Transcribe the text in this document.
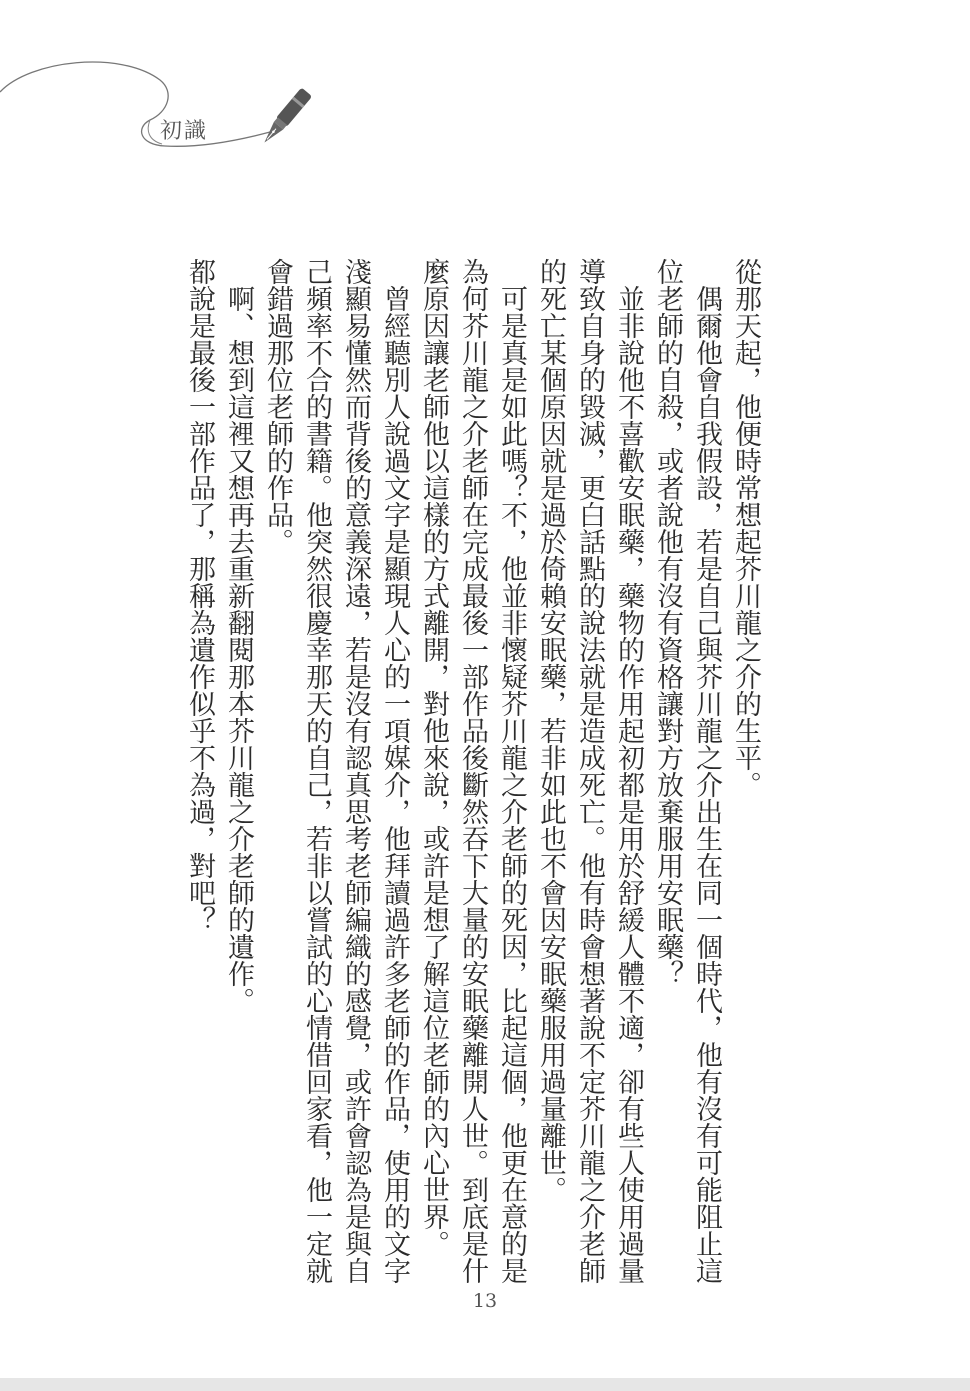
初識

從那天起，他便時常想起芥川龍之介的生平。

偶爾他會自我假設，若是自己與芥川龍之介出生在同一個時代，他有沒有可能阻止這位老師的自殺，或者說他有沒有資格讓對方放棄服用安眠藥？

並非說他不喜歡安眠藥，藥物的作用起初都是用於舒緩人體不適，卻有些人使用過量導致自身的毀滅，更白話點的說法就是造成死亡。他有時會想著說不定芥川龍之介老師的死亡某個原因就是過於倚賴安眠藥，若非如此也不會因安眠藥服用過量離世。

可是真是如此嗎？不，他並非懷疑芥川龍之介老師的死因，比起這個，他更在意的是為何芥川龍之介老師在完成最後一部作品後斷然吞下大量的安眠藥離開人世。到底是什麼原因讓老師他以這樣的方式離開，對他來說，或許是想了解這位老師的內心世界。

曾經聽別人說過文字是顯現人心的一項媒介，他拜讀過許多老師的作品，使用的文字淺顯易懂然而背後的意義深遠，若是沒有認真思考老師編織的感覺，或許會認為是與自己頻率不合的書籍。他突然很慶幸那天的自己，若非以嘗試的心情借回家看，他一定就會錯過那位老師的作品。

啊、想到這裡又想再去重新翻閱那本芥川龍之介老師的遺作。

都說是最後一部作品了，那稱為遺作似乎不為過，對吧？

13
